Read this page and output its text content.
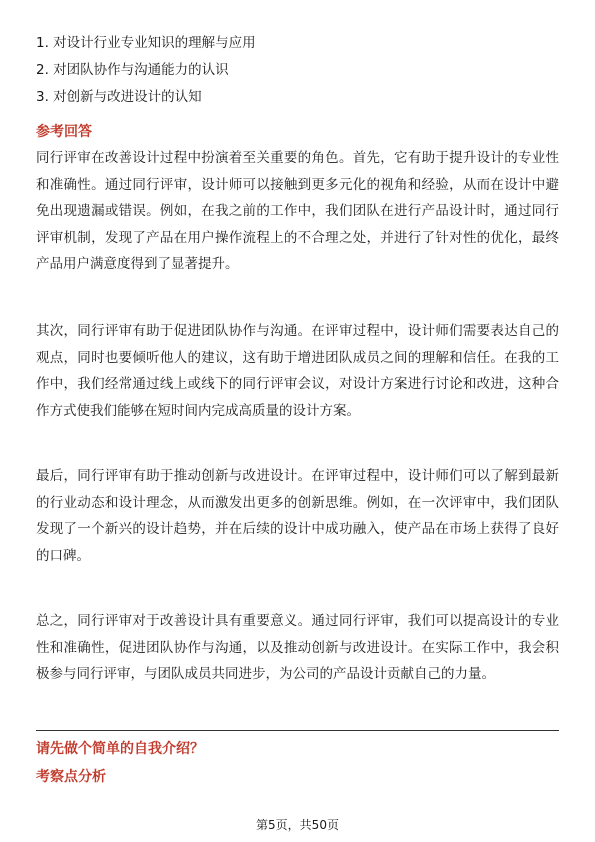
1. 对设计行业专业知识的理解与应用
2. 对团队协作与沟通能力的认识
3. 对创新与改进设计的认知
参考回答

同行评审在改善设计过程中扮演着至关重要的角色。首先，它有助于提升设计的专业性和准确性。通过同行评审，设计师可以接触到更多元化的视角和经验，从而在设计中避免出现遗漏或错误。例如，在我之前的工作中，我们团队在进行产品设计时，通过同行评审机制，发现了产品在用户操作流程上的不合理之处，并进行了针对性的优化，最终产品用户满意度得到了显著提升。

其次，同行评审有助于促进团队协作与沟通。在评审过程中，设计师们需要表达自己的观点，同时也要倾听他人的建议，这有助于增进团队成员之间的理解和信任。在我的工作中，我们经常通过线上或线下的同行评审会议，对设计方案进行讨论和改进，这种合作方式使我们能够在短时间内完成高质量的设计方案。

最后，同行评审有助于推动创新与改进设计。在评审过程中，设计师们可以了解到最新的行业动态和设计理念，从而激发出更多的创新思维。例如，在一次评审中，我们团队发现了一个新兴的设计趋势，并在后续的设计中成功融入，使产品在市场上获得了良好的口碑。

总之，同行评审对于改善设计具有重要意义。通过同行评审，我们可以提高设计的专业性和准确性，促进团队协作与沟通，以及推动创新与改进设计。在实际工作中，我会积极参与同行评审，与团队成员共同进步，为公司的产品设计贡献自己的力量。

请先做个简单的自我介绍？
考察点分析
第5页，共50页
